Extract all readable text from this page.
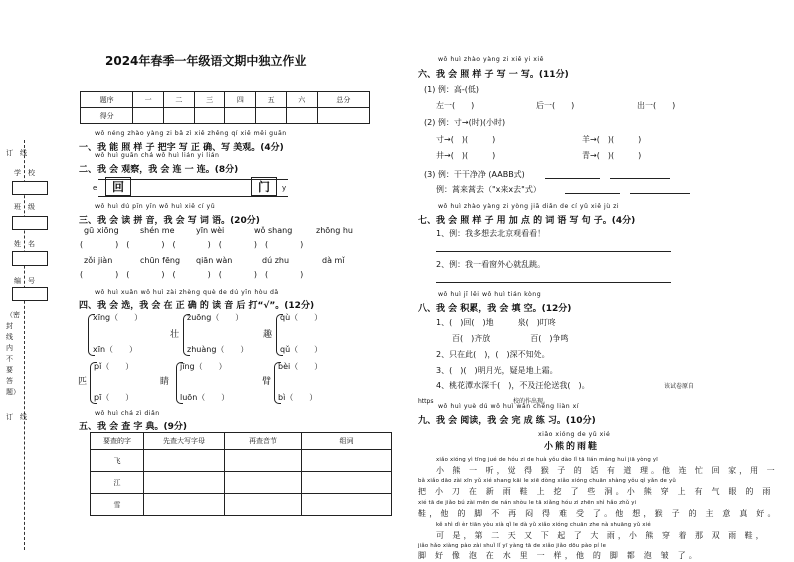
订　线
学　校
班　级
姓　名
编　号
（密封线内不要答题）
订　线
2024年春季一年级语文期中独立作业
题序	一	二	三	四	五	六	总分
得分							
wǒ néng zhào yàng zi bǎ zì xiě zhěng qí xiě měi guān
一、我 能 照 样 子 把字 写 正 确、写 美观。(4分)
wǒ huì guān chá wǒ huì lián yi lián
二、我 会 观察，我 会 连 一 连。(8分)
e	回	门	y
wǒ huì dú pīn yīn wǒ huì xiě cí yǔ
三、我 会 读 拼 音，我 会 写 词 语。(20分)
gū xiōng	shén me	yīn wèi	wǒ shang	zhōng hu
(　　　　)　(　　　　)　(　　　　)　(　　　　)　(　　　　)
zǒi jiàn	chūn fēng qiān wàn	dú zhu	dà mǐ
(　　　　)　(　　　　)　(　　　　)　(　　　　)　(　　　　)
wǒ huì xuǎn wǒ huì zài zhèng què de dú yīn hòu dǎ
四、我 会 选，我 会 在 正 确 的 读 音 后 打“√”。(12分)
xīng（　　）
xīn（　　）
壮
zuōng（　　）
zhuàng（　　）
趣
qù（　　）
qǔ（　　）
匹
pǐ（　　）
pī（　　）
睛
jīng（　　）
luōn（　　）
臂
bèi（　　）
bì（　　）
wǒ huì chá zì diǎn
五、我 会 查 字 典。(9分)
要查的字	先查大写字母	再查音节	组词
飞			
江			
雪			
wǒ huì zhào yàng zi xiě yi xiě
六、我 会 照 样 子 写 一 写。(11分)
(1) 例：高-(低)
左一(　　)	后一(　　)	出一(　　)
(2) 例：寸→(时)(小时)
寸→(　)(　　　)	羊→(　)(　　　)
井→(　)(　　　)	青→(　)(　　　)
(3) 例：干干净净 (AABB式)
例：蒿来蒿去（"x来x去"式）
wǒ huì zhào yàng zi yòng jiā diǎn de cí yǔ xiě jù zi
七、我 会 照 样 子 用 加 点 的 词 语 写 句 子。(4分)
1、例：我多想去北京观看看！
2、例：我一看窗外心就乱跳。
wǒ huì jī lěi wǒ huì tián kòng
八、我 会 积累，我 会 填 空。(12分)
1、(　)回(　)地　　　泉(　)叮咚
百(　)齐放　　　　　百(　)争鸣
2、只在此(　)，(　)深不知处。
3、(　)(　)明月光，疑是地上霜。
4、桃花潭水深千(　)，不及汪伦送我(　)。	该试卷原自
https	校的作出现。
wǒ huì yuè dú wǒ huì wán chéng liàn xí
九、我 会 阅读，我 会 完 成 练 习。(10分)
xiǎo xióng de yǔ xié
小熊的雨鞋
xiǎo xióng yì tīng jué de hóu zi de huà yǒu dào lǐ tā lián máng huí jiā yòng yī
小 熊 一 听，觉 得 猴 子 的 话 有 道 理。他 连 忙 回 家，用 一
bǎ xiǎo dāo zài xīn yǔ xié shang kāi le xiē dòng xiǎo xióng chuān shàng yǒu qì yǎn de yǔ
把 小 刀 在 新 雨 鞋 上 挖 了 些 洞。小 熊 穿 上 有 气 眼 的 雨
xié tā de jiǎo bú zài mēn de nán shòu le tā xiǎng hóu zi zhēn shì hǎo zhǔ yi
鞋，他 的 脚 不 再 闷 得 难 受 了。他 想，猴 子 的 主 意 真 好。
kě shì dì èr tiān yòu xià qǐ le dà yǔ xiǎo xióng chuān zhe nà shuāng yǔ xié
可 是，第 二 天 又 下 起 了 大 雨，小 熊 穿 着 那 双 雨 鞋，
jiǎo hǎo xiàng pào zài shuǐ lǐ yī yàng tā de xiǎo jiǎo dōu pào pí le
脚 好 像 泡 在 水 里 一 样，他 的 脚 都 泡 皱 了。
